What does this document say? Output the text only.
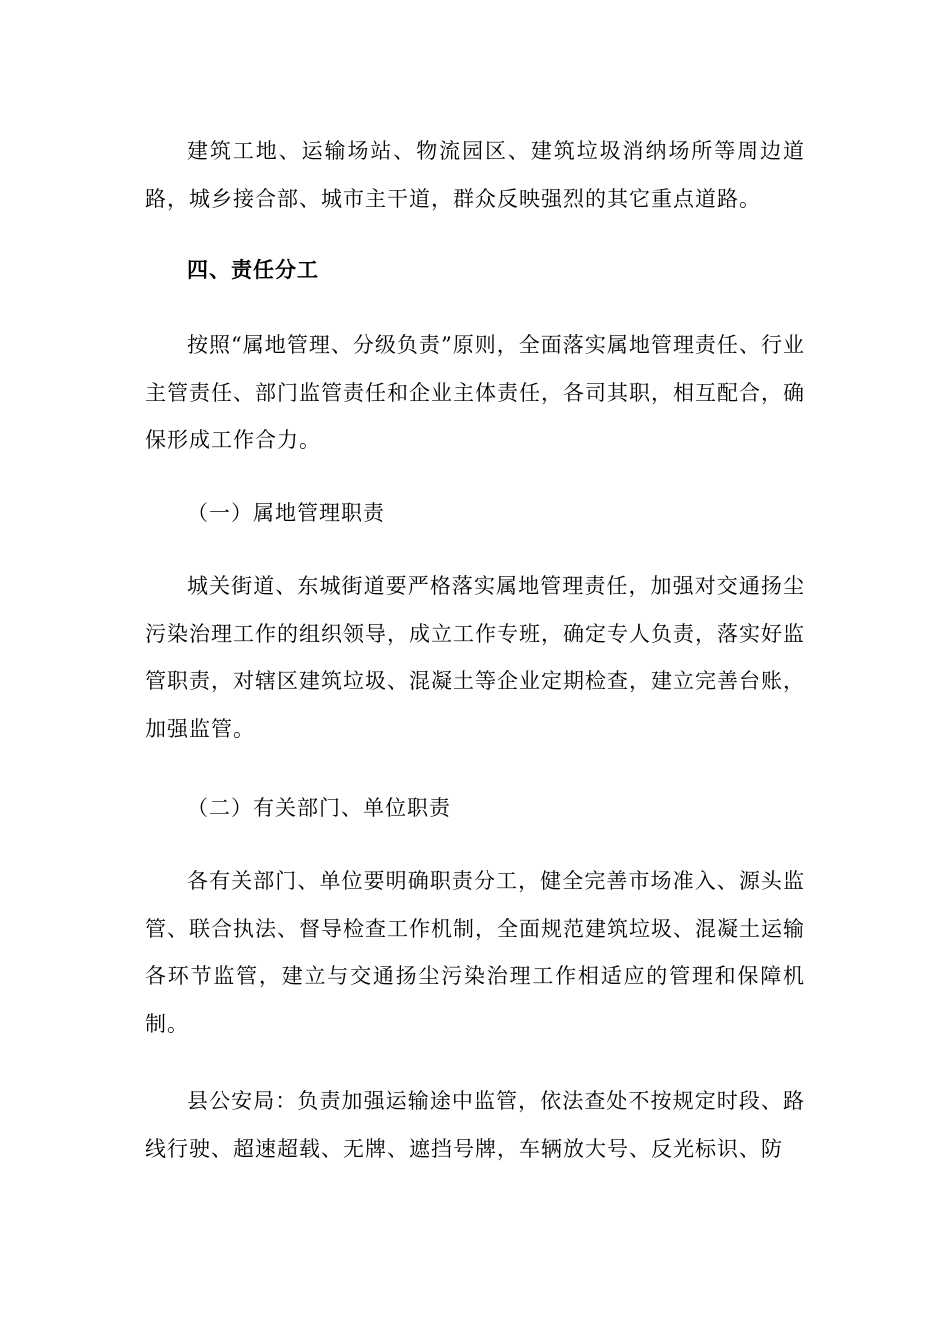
建筑工地、运输场站、物流园区、建筑垃圾消纳场所等周边道路，城乡接合部、城市主干道，群众反映强烈的其它重点道路。

四、责任分工

按照“属地管理、分级负责”原则，全面落实属地管理责任、行业主管责任、部门监管责任和企业主体责任，各司其职，相互配合，确保形成工作合力。

（一）属地管理职责

城关街道、东城街道要严格落实属地管理责任，加强对交通扬尘污染治理工作的组织领导，成立工作专班，确定专人负责，落实好监管职责，对辖区建筑垃圾、混凝土等企业定期检查，建立完善台账，加强监管。

（二）有关部门、单位职责

各有关部门、单位要明确职责分工，健全完善市场准入、源头监管、联合执法、督导检查工作机制，全面规范建筑垃圾、混凝土运输各环节监管，建立与交通扬尘污染治理工作相适应的管理和保障机制。

县公安局：负责加强运输途中监管，依法查处不按规定时段、路线行驶、超速超载、无牌、遮挡号牌，车辆放大号、反光标识、防
